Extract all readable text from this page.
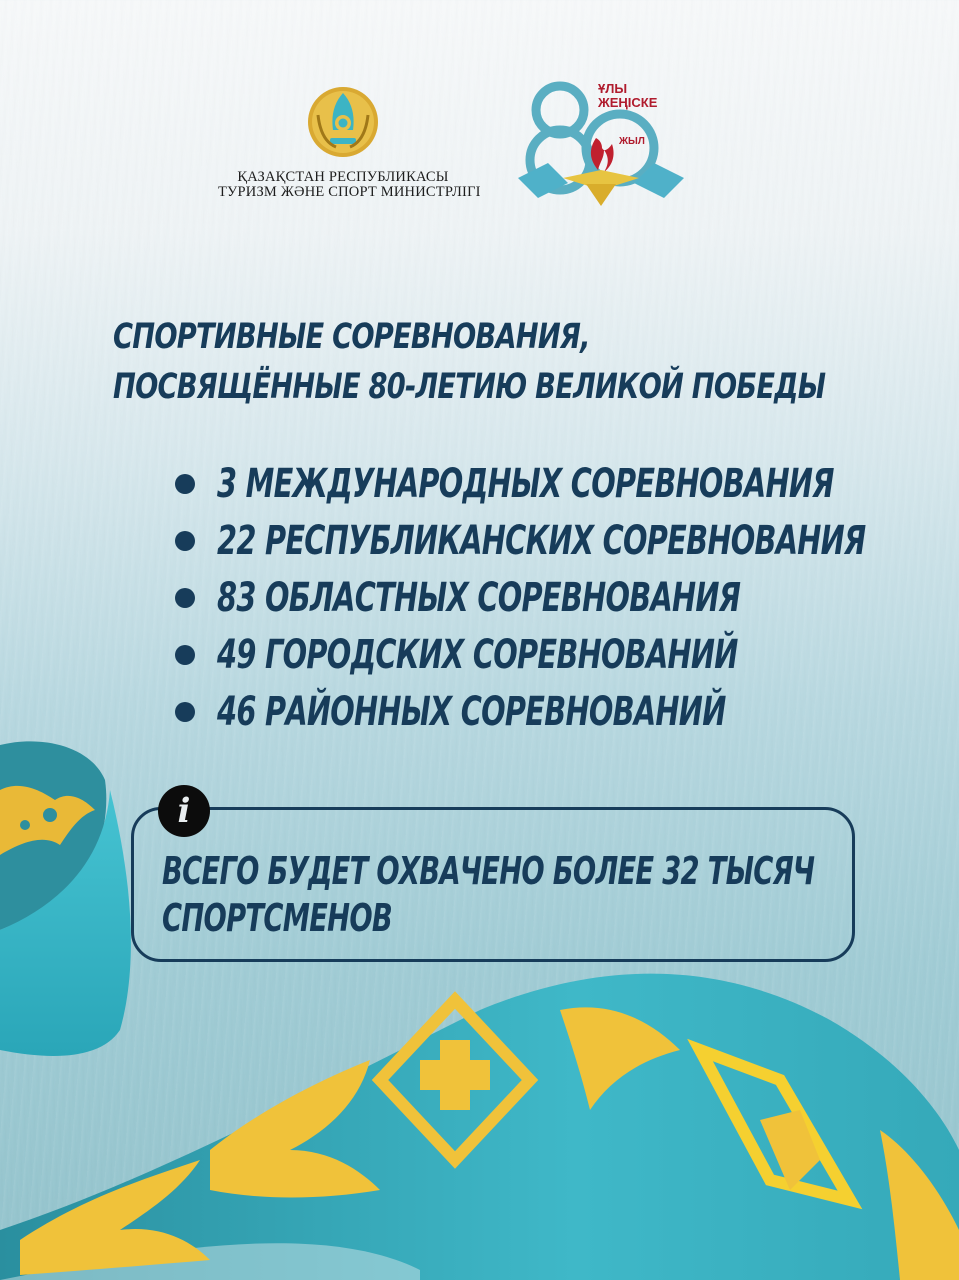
ҚАЗАҚСТАН РЕСПУБЛИКАСЫ
ТУРИЗМ ЖӘНЕ СПОРТ МИНИСТРЛІГІ
ҰЛЫ
ЖЕҢІСКЕ
ЖЫЛ
СПОРТИВНЫЕ СОРЕВНОВАНИЯ,
ПОСВЯЩЁННЫЕ 80-ЛЕТИЮ ВЕЛИКОЙ ПОБЕДЫ
3 МЕЖДУНАРОДНЫХ СОРЕВНОВАНИЯ
22 РЕСПУБЛИКАНСКИХ СОРЕВНОВАНИЯ
83 ОБЛАСТНЫХ СОРЕВНОВАНИЯ
49 ГОРОДСКИХ СОРЕВНОВАНИЙ
46 РАЙОННЫХ СОРЕВНОВАНИЙ
i
ВСЕГО БУДЕТ ОХВАЧЕНО БОЛЕЕ 32 ТЫСЯЧ
СПОРТСМЕНОВ
